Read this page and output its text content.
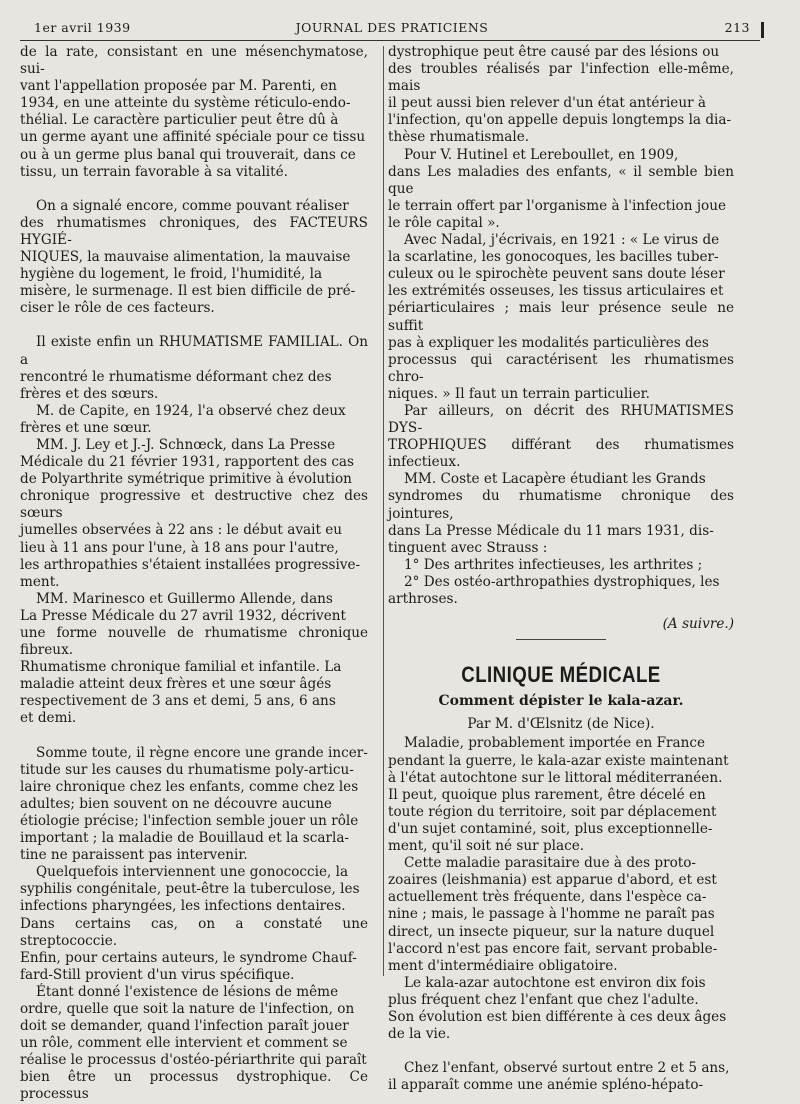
1er avril 1939	JOURNAL DES PRATICIENS	213

de la rate, consistant en une mésenchymatose, sui-
vant l'appellation proposée par M. Parenti, en
1934, en une atteinte du système réticulo-endo-
thélial. Le caractère particulier peut être dû à
un germe ayant une affinité spéciale pour ce tissu
ou à un germe plus banal qui trouverait, dans ce
tissu, un terrain favorable à sa vitalité.

On a signalé encore, comme pouvant réaliser
des rhumatismes chroniques, des FACTEURS HYGIÉ-
NIQUES, la mauvaise alimentation, la mauvaise
hygiène du logement, le froid, l'humidité, la
misère, le surmenage. Il est bien difficile de pré-
ciser le rôle de ces facteurs.

Il existe enfin un RHUMATISME FAMILIAL. On a
rencontré le rhumatisme déformant chez des
frères et des sœurs.

M. de Capite, en 1924, l'a observé chez deux
frères et une sœur.

MM. J. Ley et J.-J. Schnœck, dans La Presse
Médicale du 21 février 1931, rapportent des cas
de Polyarthrite symétrique primitive à évolution
chronique progressive et destructive chez des sœurs
jumelles observées à 22 ans : le début avait eu
lieu à 11 ans pour l'une, à 18 ans pour l'autre,
les arthropathies s'étaient installées progressive-
ment.

MM. Marinesco et Guillermo Allende, dans
La Presse Médicale du 27 avril 1932, décrivent
une forme nouvelle de rhumatisme chronique fibreux.
Rhumatisme chronique familial et infantile. La
maladie atteint deux frères et une sœur âgés
respectivement de 3 ans et demi, 5 ans, 6 ans
et demi.

Somme toute, il règne encore une grande incer-
titude sur les causes du rhumatisme poly-articu-
laire chronique chez les enfants, comme chez les
adultes; bien souvent on ne découvre aucune
étiologie précise; l'infection semble jouer un rôle
important ; la maladie de Bouillaud et la scarla-
tine ne paraissent pas intervenir.

Quelquefois interviennent une gonococcie, la
syphilis congénitale, peut-être la tuberculose, les
infections pharyngées, les infections dentaires.
Dans certains cas, on a constaté une streptococcie.
Enfin, pour certains auteurs, le syndrome Chauf-
fard-Still provient d'un virus spécifique.

Étant donné l'existence de lésions de même
ordre, quelle que soit la nature de l'infection, on
doit se demander, quand l'infection paraît jouer
un rôle, comment elle intervient et comment se
réalise le processus d'ostéo-périarthrite qui paraît
bien être un processus dystrophique. Ce processus

dystrophique peut être causé par des lésions ou
des troubles réalisés par l'infection elle-même, mais
il peut aussi bien relever d'un état antérieur à
l'infection, qu'on appelle depuis longtemps la dia-
thèse rhumatismale.

Pour V. Hutinel et Lereboullet, en 1909,
dans Les maladies des enfants, « il semble bien que
le terrain offert par l'organisme à l'infection joue
le rôle capital ».

Avec Nadal, j'écrivais, en 1921 : « Le virus de
la scarlatine, les gonocoques, les bacilles tuber-
culeux ou le spirochète peuvent sans doute léser
les extrémités osseuses, les tissus articulaires et
périarticulaires ; mais leur présence seule ne suffit
pas à expliquer les modalités particulières des
processus qui caractérisent les rhumatismes chro-
niques. » Il faut un terrain particulier.

Par ailleurs, on décrit des RHUMATISMES DYS-
TROPHIQUES différant des rhumatismes infectieux.

MM. Coste et Lacapère étudiant les Grands
syndromes du rhumatisme chronique des jointures,
dans La Presse Médicale du 11 mars 1931, dis-
tinguent avec Strauss :

1° Des arthrites infectieuses, les arthrites ;

2° Des ostéo-arthropathies dystrophiques, les

arthroses.

(A suivre.)

CLINIQUE MÉDICALE
Comment dépister le kala-azar.
Par M. d'Œlsnitz (de Nice).

Maladie, probablement importée en France
pendant la guerre, le kala-azar existe maintenant
à l'état autochtone sur le littoral méditerranéen.
Il peut, quoique plus rarement, être décelé en
toute région du territoire, soit par déplacement
d'un sujet contaminé, soit, plus exceptionnelle-
ment, qu'il soit né sur place.

Cette maladie parasitaire due à des proto-
zoaires (leishmania) est apparue d'abord, et est
actuellement très fréquente, dans l'espèce ca-
nine ; mais, le passage à l'homme ne paraît pas
direct, un insecte piqueur, sur la nature duquel
l'accord n'est pas encore fait, servant probable-
ment d'intermédiaire obligatoire.

Le kala-azar autochtone est environ dix fois
plus fréquent chez l'enfant que chez l'adulte.
Son évolution est bien différente à ces deux âges
de la vie.

Chez l'enfant, observé surtout entre 2 et 5 ans,
il apparaît comme une anémie spléno-hépato-
